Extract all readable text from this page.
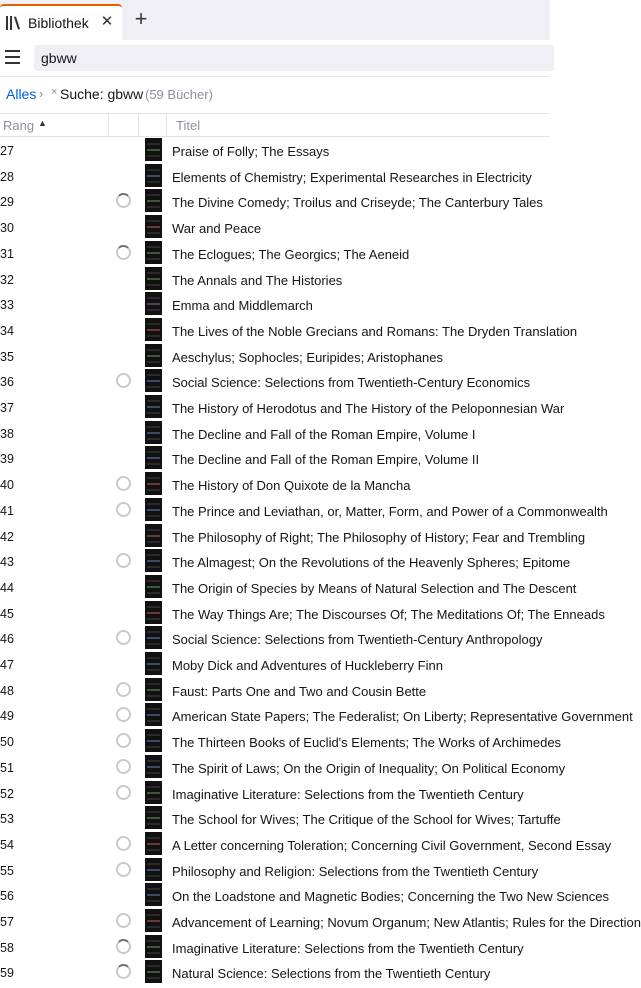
Bibliothek ✕ +
gbww
Alles › × Suche: gbww (59 Bücher)
Rang ▲	Titel
27	Praise of Folly; The Essays
28	Elements of Chemistry; Experimental Researches in Electricity
29	The Divine Comedy; Troilus and Criseyde; The Canterbury Tales
30	War and Peace
31	The Eclogues; The Georgics; The Aeneid
32	The Annals and The Histories
33	Emma and Middlemarch
34	The Lives of the Noble Grecians and Romans: The Dryden Translation
35	Aeschylus; Sophocles; Euripides; Aristophanes
36	Social Science: Selections from Twentieth-Century Economics
37	The History of Herodotus and The History of the Peloponnesian War
38	The Decline and Fall of the Roman Empire, Volume I
39	The Decline and Fall of the Roman Empire, Volume II
40	The History of Don Quixote de la Mancha
41	The Prince and Leviathan, or, Matter, Form, and Power of a Commonwealth
42	The Philosophy of Right; The Philosophy of History; Fear and Trembling
43	The Almagest; On the Revolutions of the Heavenly Spheres; Epitome
44	The Origin of Species by Means of Natural Selection and The Descent
45	The Way Things Are; The Discourses Of; The Meditations Of; The Enneads
46	Social Science: Selections from Twentieth-Century Anthropology
47	Moby Dick and Adventures of Huckleberry Finn
48	Faust: Parts One and Two and Cousin Bette
49	American State Papers; The Federalist; On Liberty; Representative Government
50	The Thirteen Books of Euclid's Elements; The Works of Archimedes
51	The Spirit of Laws; On the Origin of Inequality; On Political Economy
52	Imaginative Literature: Selections from the Twentieth Century
53	The School for Wives; The Critique of the School for Wives; Tartuffe
54	A Letter concerning Toleration; Concerning Civil Government, Second Essay
55	Philosophy and Religion: Selections from the Twentieth Century
56	On the Loadstone and Magnetic Bodies; Concerning the Two New Sciences
57	Advancement of Learning; Novum Organum; New Atlantis; Rules for the Direction
58	Imaginative Literature: Selections from the Twentieth Century
59	Natural Science: Selections from the Twentieth Century
